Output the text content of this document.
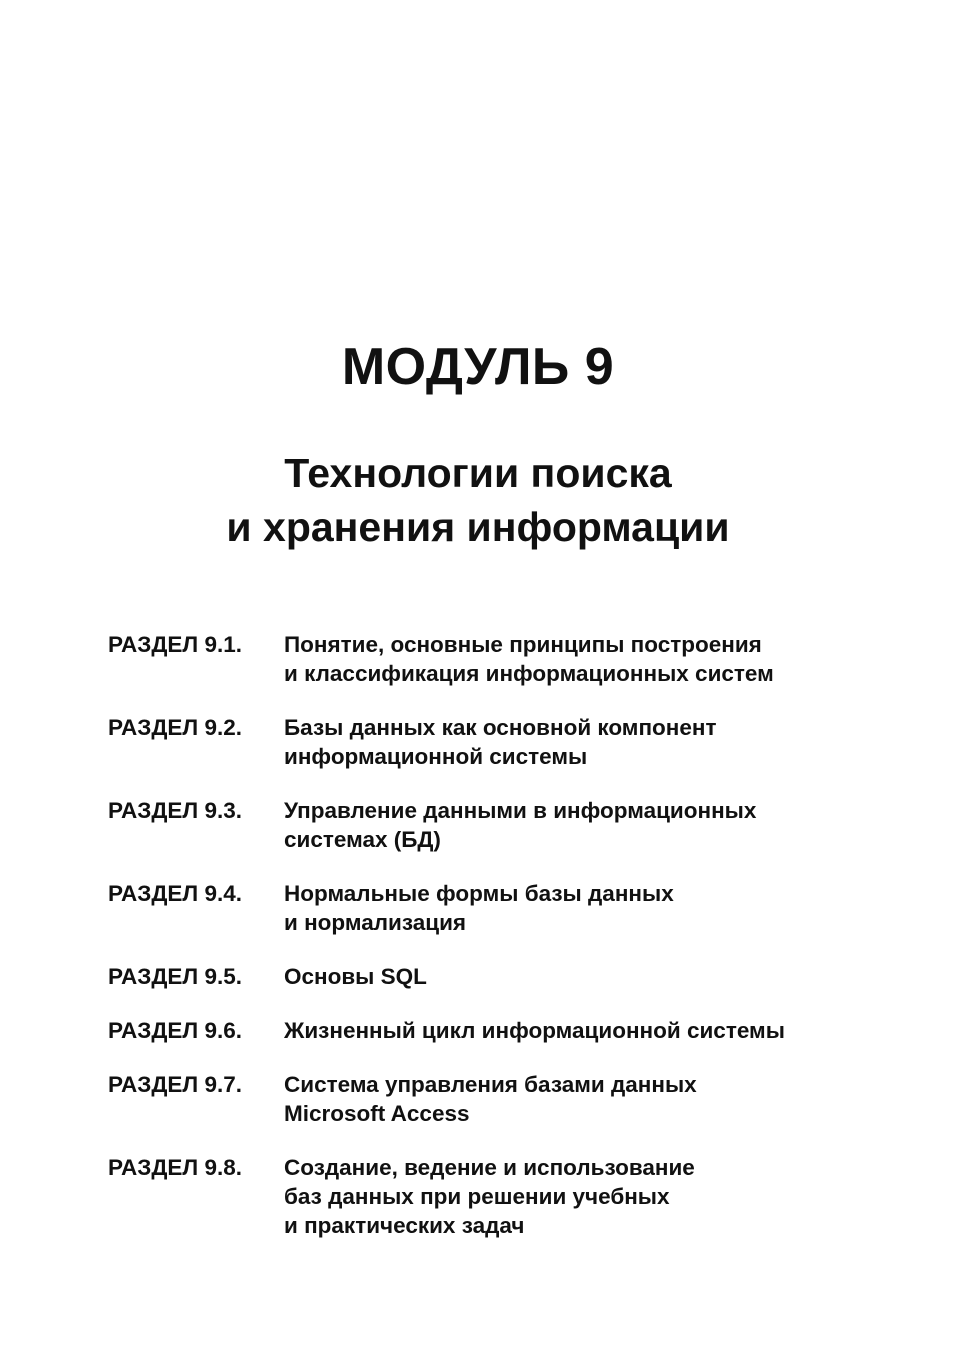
МОДУЛЬ 9
Технологии поиска
и хранения информации
РАЗДЕЛ 9.1.	Понятие, основные принципы построения
и классификация информационных систем
РАЗДЕЛ 9.2.	Базы данных как основной компонент
информационной системы
РАЗДЕЛ 9.3.	Управление данными в информационных
системах (БД)
РАЗДЕЛ 9.4.	Нормальные формы базы данных
и нормализация
РАЗДЕЛ 9.5.	Основы SQL
РАЗДЕЛ 9.6.	Жизненный цикл информационной системы
РАЗДЕЛ 9.7.	Система управления базами данных
Microsoft Access
РАЗДЕЛ 9.8.	Создание, ведение и использование
баз данных при решении учебных
и практических задач
